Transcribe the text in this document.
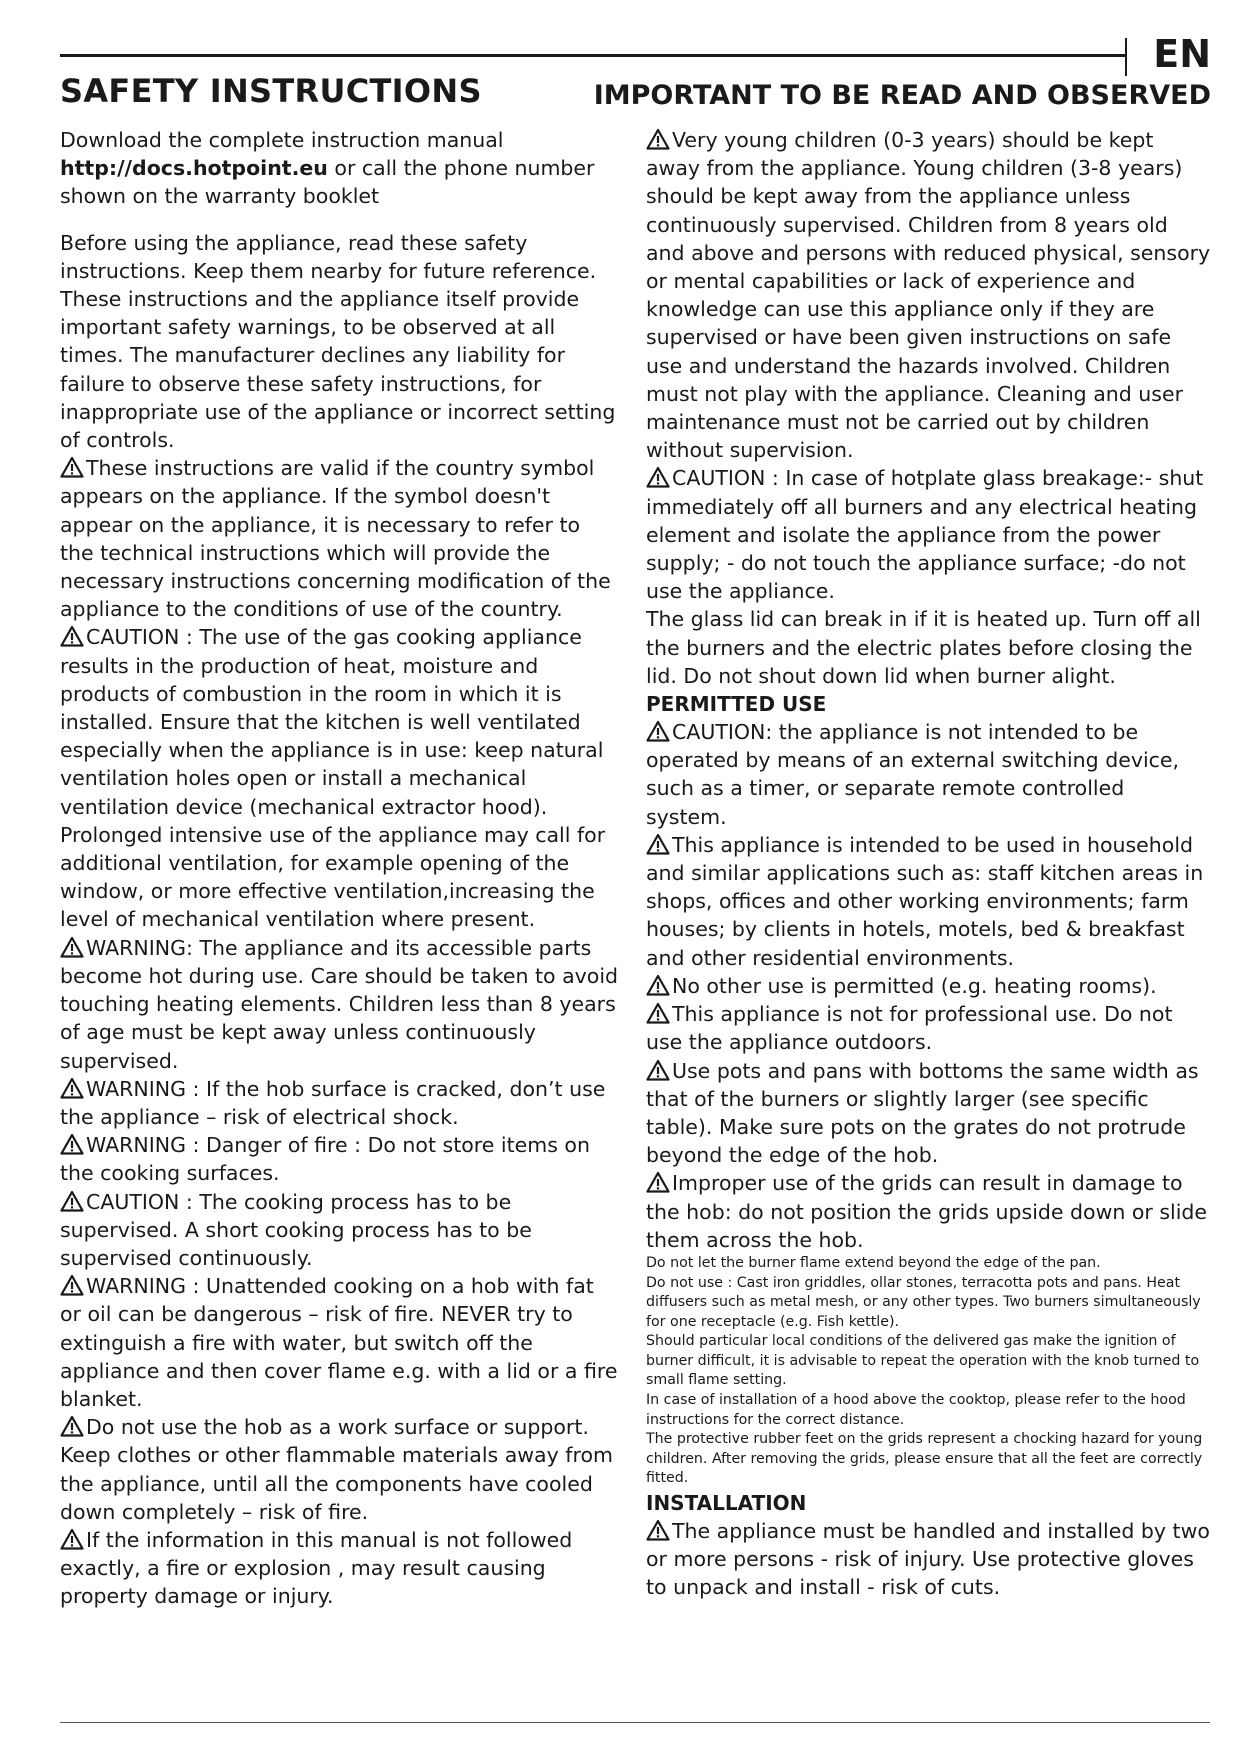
EN
SAFETY INSTRUCTIONS	IMPORTANT TO BE READ AND OBSERVED

Download the complete instruction manual http://docs.hotpoint.eu or call the phone number shown on the warranty booklet

Before using the appliance, read these safety instructions. Keep them nearby for future reference.

These instructions and the appliance itself provide important safety warnings, to be observed at all times. The manufacturer declines any liability for failure to observe these safety instructions, for inappropriate use of the appliance or incorrect setting of controls.

These instructions are valid if the country symbol appears on the appliance. If the symbol doesn't appear on the appliance, it is necessary to refer to the technical instructions which will provide the necessary instructions concerning modification of the appliance to the conditions of use of the country.

CAUTION : The use of the gas cooking appliance results in the production of heat, moisture and products of combustion in the room in which it is installed. Ensure that the kitchen is well ventilated especially when the appliance is in use: keep natural ventilation holes open or install a mechanical ventilation device (mechanical extractor hood). Prolonged intensive use of the appliance may call for additional ventilation, for example opening of the window, or more effective ventilation,increasing the level of mechanical ventilation where present.

WARNING: The appliance and its accessible parts become hot during use. Care should be taken to avoid touching heating elements. Children less than 8 years of age must be kept away unless continuously supervised.

WARNING : If the hob surface is cracked, don’t use the appliance – risk of electrical shock.

WARNING : Danger of fire : Do not store items on the cooking surfaces.

CAUTION : The cooking process has to be supervised. A short cooking process has to be supervised continuously.

WARNING : Unattended cooking on a hob with fat or oil can be dangerous – risk of fire. NEVER try to extinguish a fire with water, but switch off the appliance and then cover flame e.g. with a lid or a fire blanket.

Do not use the hob as a work surface or support. Keep clothes or other flammable materials away from the appliance, until all the components have cooled down completely – risk of fire.

If the information in this manual is not followed exactly, a fire or explosion , may result causing property damage or injury.

Very young children (0-3 years) should be kept away from the appliance. Young children (3-8 years) should be kept away from the appliance unless continuously supervised. Children from 8 years old and above and persons with reduced physical, sensory or mental capabilities or lack of experience and knowledge can use this appliance only if they are supervised or have been given instructions on safe use and understand the hazards involved. Children must not play with the appliance. Cleaning and user maintenance must not be carried out by children without supervision.

CAUTION : In case of hotplate glass breakage:- shut immediately off all burners and any electrical heating element and isolate the appliance from the power supply; - do not touch the appliance surface; -do not use the appliance.

The glass lid can break in if it is heated up. Turn off all the burners and the electric plates before closing the lid. Do not shout down lid when burner alight.

PERMITTED USE

CAUTION: the appliance is not intended to be operated by means of an external switching device, such as a timer, or separate remote controlled system.

This appliance is intended to be used in household and similar applications such as: staff kitchen areas in shops, offices and other working environments; farm houses; by clients in hotels, motels, bed & breakfast and other residential environments.

No other use is permitted (e.g. heating rooms).

This appliance is not for professional use. Do not use the appliance outdoors.

Use pots and pans with bottoms the same width as that of the burners or slightly larger (see specific table). Make sure pots on the grates do not protrude beyond the edge of the hob.

Improper use of the grids can result in damage to the hob: do not position the grids upside down or slide them across the hob.

Do not let the burner flame extend beyond the edge of the pan.

Do not use : Cast iron griddles, ollar stones, terracotta pots and pans. Heat diffusers such as metal mesh, or any other types. Two burners simultaneously for one receptacle (e.g. Fish kettle).

Should particular local conditions of the delivered gas make the ignition of burner difficult, it is advisable to repeat the operation with the knob turned to small flame setting.

In case of installation of a hood above the cooktop, please refer to the hood instructions for the correct distance.

The protective rubber feet on the grids represent a chocking hazard for young children. After removing the grids, please ensure that all the feet are correctly fitted.

INSTALLATION

The appliance must be handled and installed by two or more persons - risk of injury. Use protective gloves to unpack and install - risk of cuts.
